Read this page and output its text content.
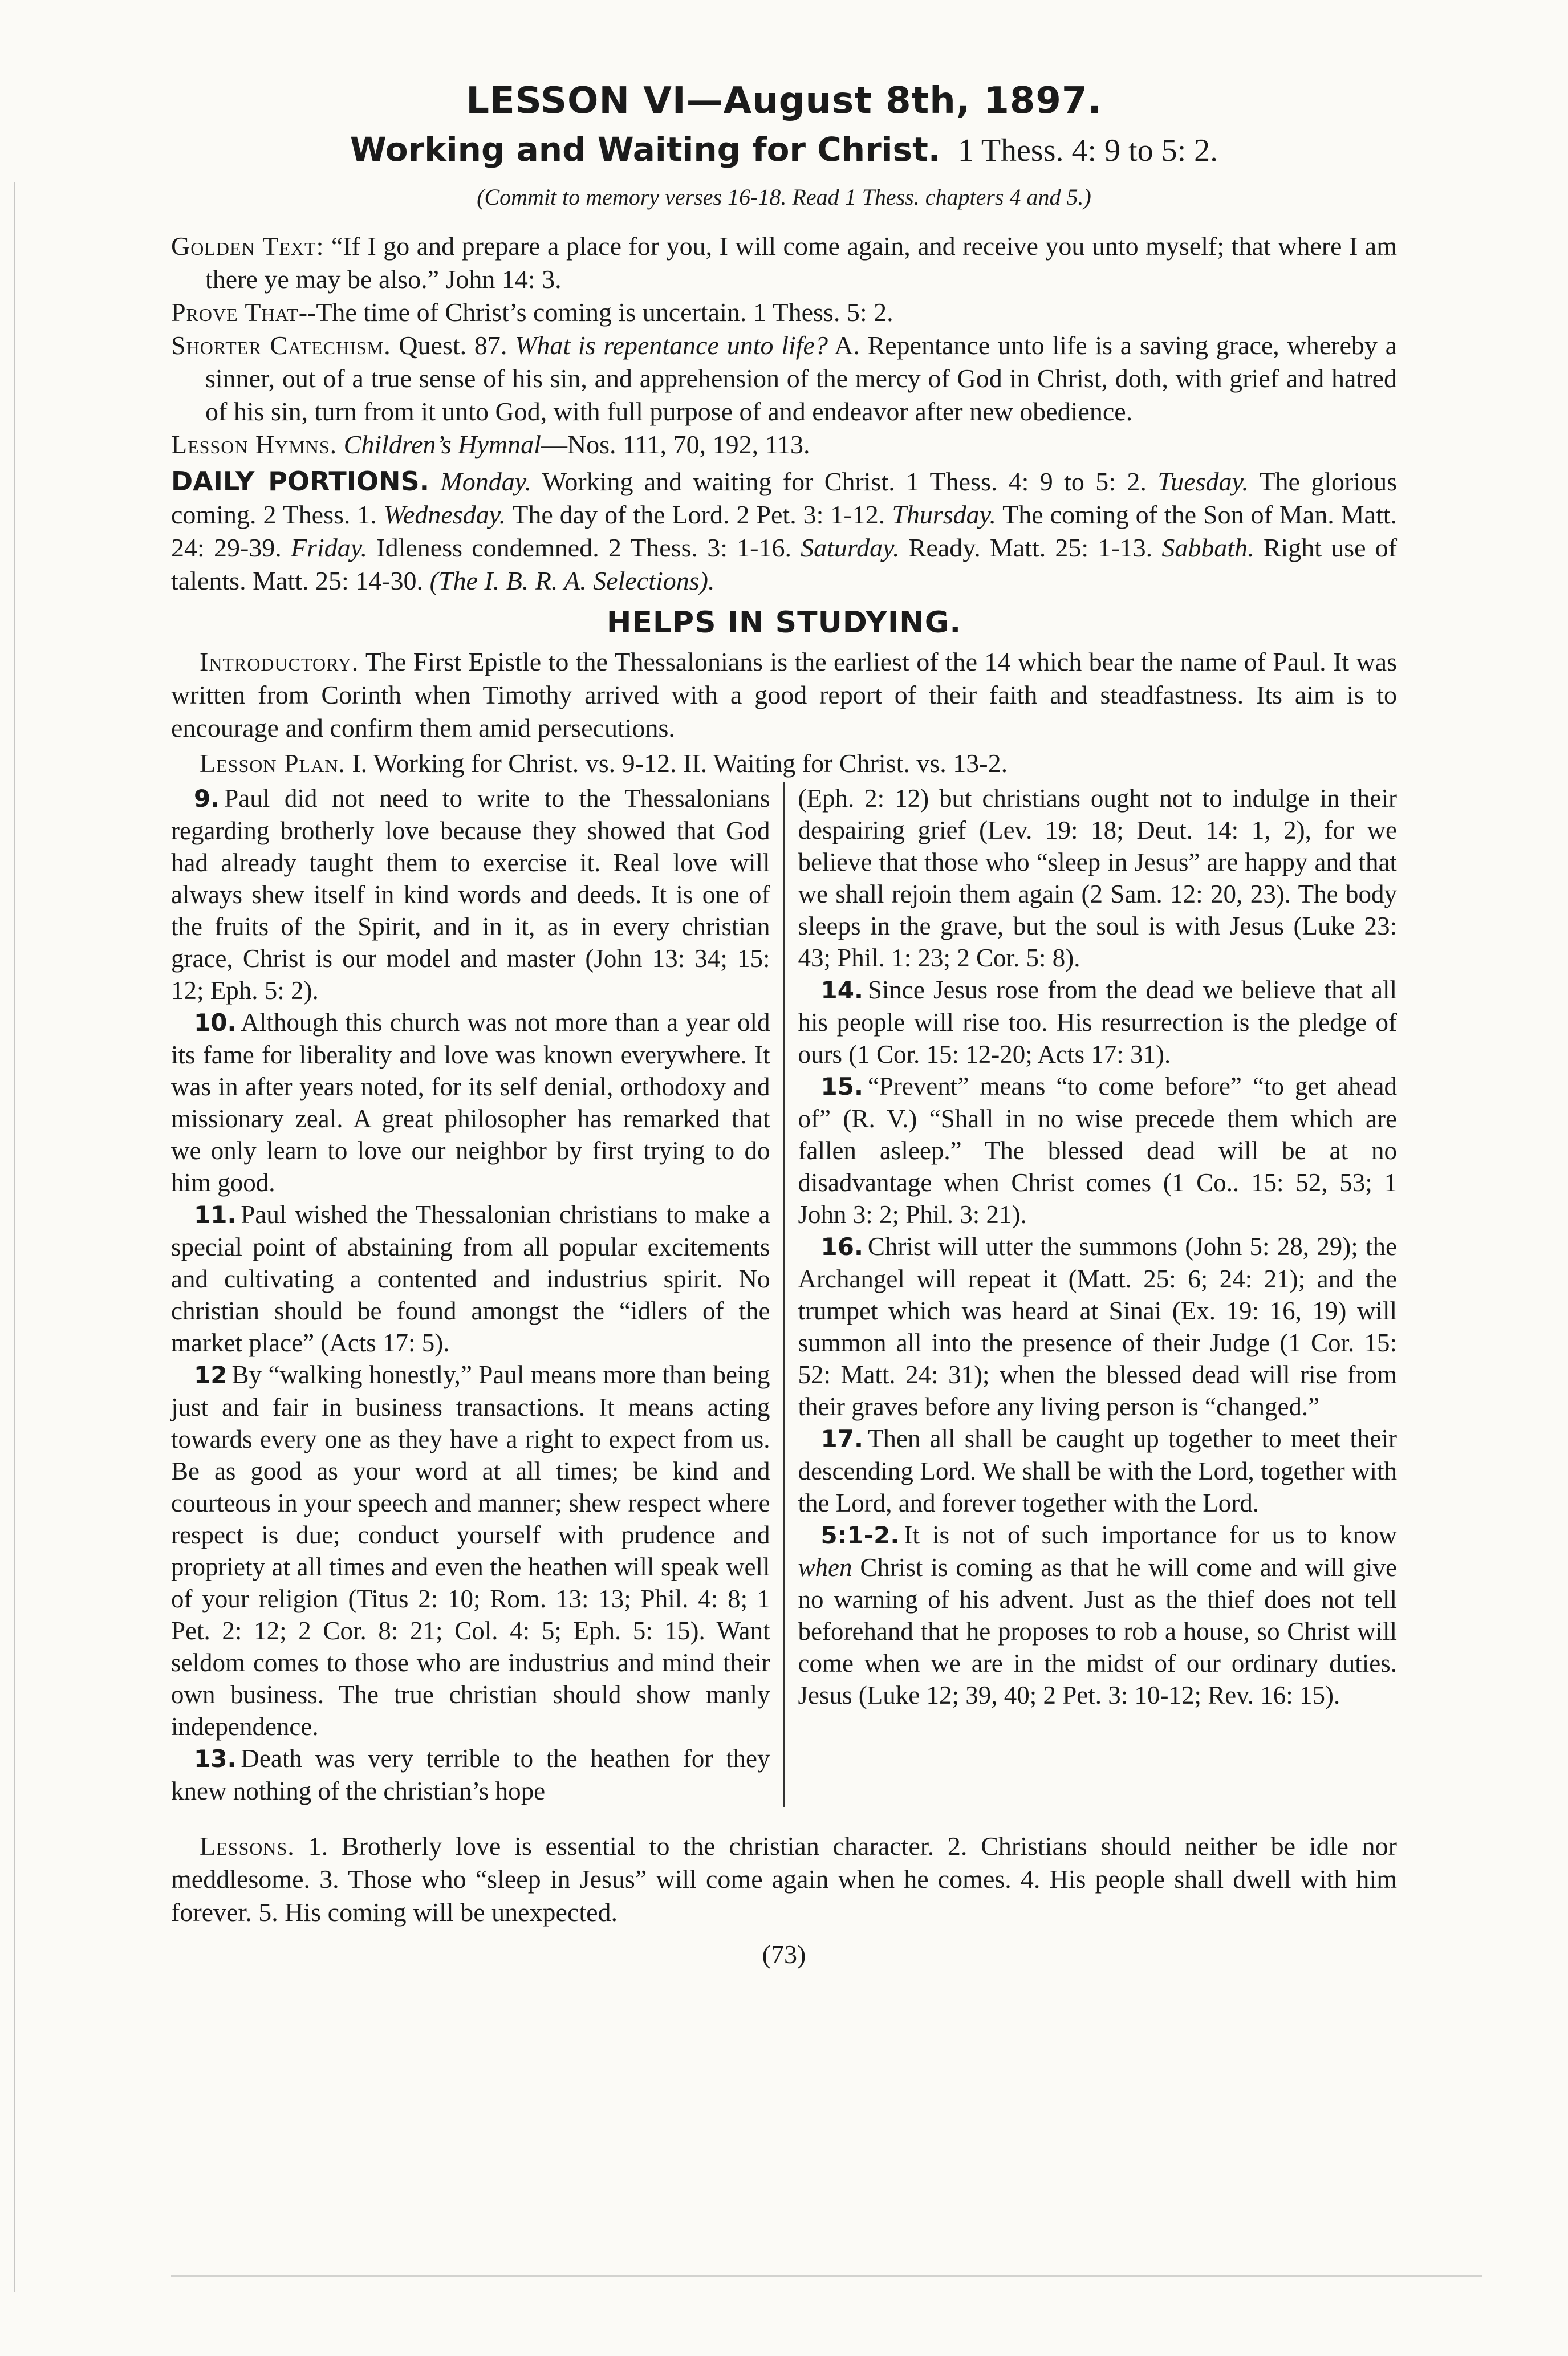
LESSON VI—August 8th, 1897.
Working and Waiting for Christ. 1 Thess. 4: 9 to 5: 2.
(Commit to memory verses 16-18. Read 1 Thess. chapters 4 and 5.)

Golden Text: “If I go and prepare a place for you, I will come again, and receive you unto myself; that where I am there ye may be also.” John 14: 3.

Prove That--The time of Christ’s coming is uncertain. 1 Thess. 5: 2.

Shorter Catechism. Quest. 87. What is repentance unto life? A. Repentance unto life is a saving grace, whereby a sinner, out of a true sense of his sin, and apprehension of the mercy of God in Christ, doth, with grief and hatred of his sin, turn from it unto God, with full purpose of and endeavor after new obedience.

Lesson Hymns. Children’s Hymnal—Nos. 111, 70, 192, 113.

DAILY PORTIONS. Monday. Working and waiting for Christ. 1 Thess. 4: 9 to 5: 2. Tuesday. The glorious coming. 2 Thess. 1. Wednesday. The day of the Lord. 2 Pet. 3: 1-12. Thursday. The coming of the Son of Man. Matt. 24: 29-39. Friday. Idleness condemned. 2 Thess. 3: 1-16. Saturday. Ready. Matt. 25: 1-13. Sabbath. Right use of talents. Matt. 25: 14-30. (The I. B. R. A. Selections).

HELPS IN STUDYING.

Introductory. The First Epistle to the Thessalonians is the earliest of the 14 which bear the name of Paul. It was written from Corinth when Timothy arrived with a good report of their faith and steadfastness. Its aim is to encourage and confirm them amid persecutions.

Lesson Plan. I. Working for Christ. vs. 9-12. II. Waiting for Christ. vs. 13-2.

9. Paul did not need to write to the Thessalonians regarding brotherly love because they showed that God had already taught them to exercise it. Real love will always shew itself in kind words and deeds. It is one of the fruits of the Spirit, and in it, as in every christian grace, Christ is our model and master (John 13: 34; 15: 12; Eph. 5: 2).

10. Although this church was not more than a year old its fame for liberality and love was known everywhere. It was in after years noted, for its self denial, orthodoxy and missionary zeal. A great philosopher has remarked that we only learn to love our neighbor by first trying to do him good.

11. Paul wished the Thessalonian christians to make a special point of abstaining from all popular excitements and cultivating a contented and industrius spirit. No christian should be found amongst the “idlers of the market place” (Acts 17: 5).

12 By “walking honestly,” Paul means more than being just and fair in business transactions. It means acting towards every one as they have a right to expect from us. Be as good as your word at all times; be kind and courteous in your speech and manner; shew respect where respect is due; conduct yourself with prudence and propriety at all times and even the heathen will speak well of your religion (Titus 2: 10; Rom. 13: 13; Phil. 4: 8; 1 Pet. 2: 12; 2 Cor. 8: 21; Col. 4: 5; Eph. 5: 15). Want seldom comes to those who are industrius and mind their own business. The true christian should show manly independence.

13. Death was very terrible to the heathen for they knew nothing of the christian’s hope

(Eph. 2: 12) but christians ought not to indulge in their despairing grief (Lev. 19: 18; Deut. 14: 1, 2), for we believe that those who “sleep in Jesus” are happy and that we shall rejoin them again (2 Sam. 12: 20, 23). The body sleeps in the grave, but the soul is with Jesus (Luke 23: 43; Phil. 1: 23; 2 Cor. 5: 8).

14. Since Jesus rose from the dead we believe that all his people will rise too. His resurrection is the pledge of ours (1 Cor. 15: 12-20; Acts 17: 31).

15. “Prevent” means “to come before” “to get ahead of” (R. V.) “Shall in no wise precede them which are fallen asleep.” The blessed dead will be at no disadvantage when Christ comes (1 Co.. 15: 52, 53; 1 John 3: 2; Phil. 3: 21).

16. Christ will utter the summons (John 5: 28, 29); the Archangel will repeat it (Matt. 25: 6; 24: 21); and the trumpet which was heard at Sinai (Ex. 19: 16, 19) will summon all into the presence of their Judge (1 Cor. 15: 52: Matt. 24: 31); when the blessed dead will rise from their graves before any living person is “changed.”

17. Then all shall be caught up together to meet their descending Lord. We shall be with the Lord, together with the Lord, and forever together with the Lord.

5:1-2. It is not of such importance for us to know when Christ is coming as that he will come and will give no warning of his advent. Just as the thief does not tell beforehand that he proposes to rob a house, so Christ will come when we are in the midst of our ordinary duties. Jesus (Luke 12; 39, 40; 2 Pet. 3: 10-12; Rev. 16: 15).

Lessons. 1. Brotherly love is essential to the christian character. 2. Christians should neither be idle nor meddlesome. 3. Those who “sleep in Jesus” will come again when he comes. 4. His people shall dwell with him forever. 5. His coming will be unexpected.

(73)
